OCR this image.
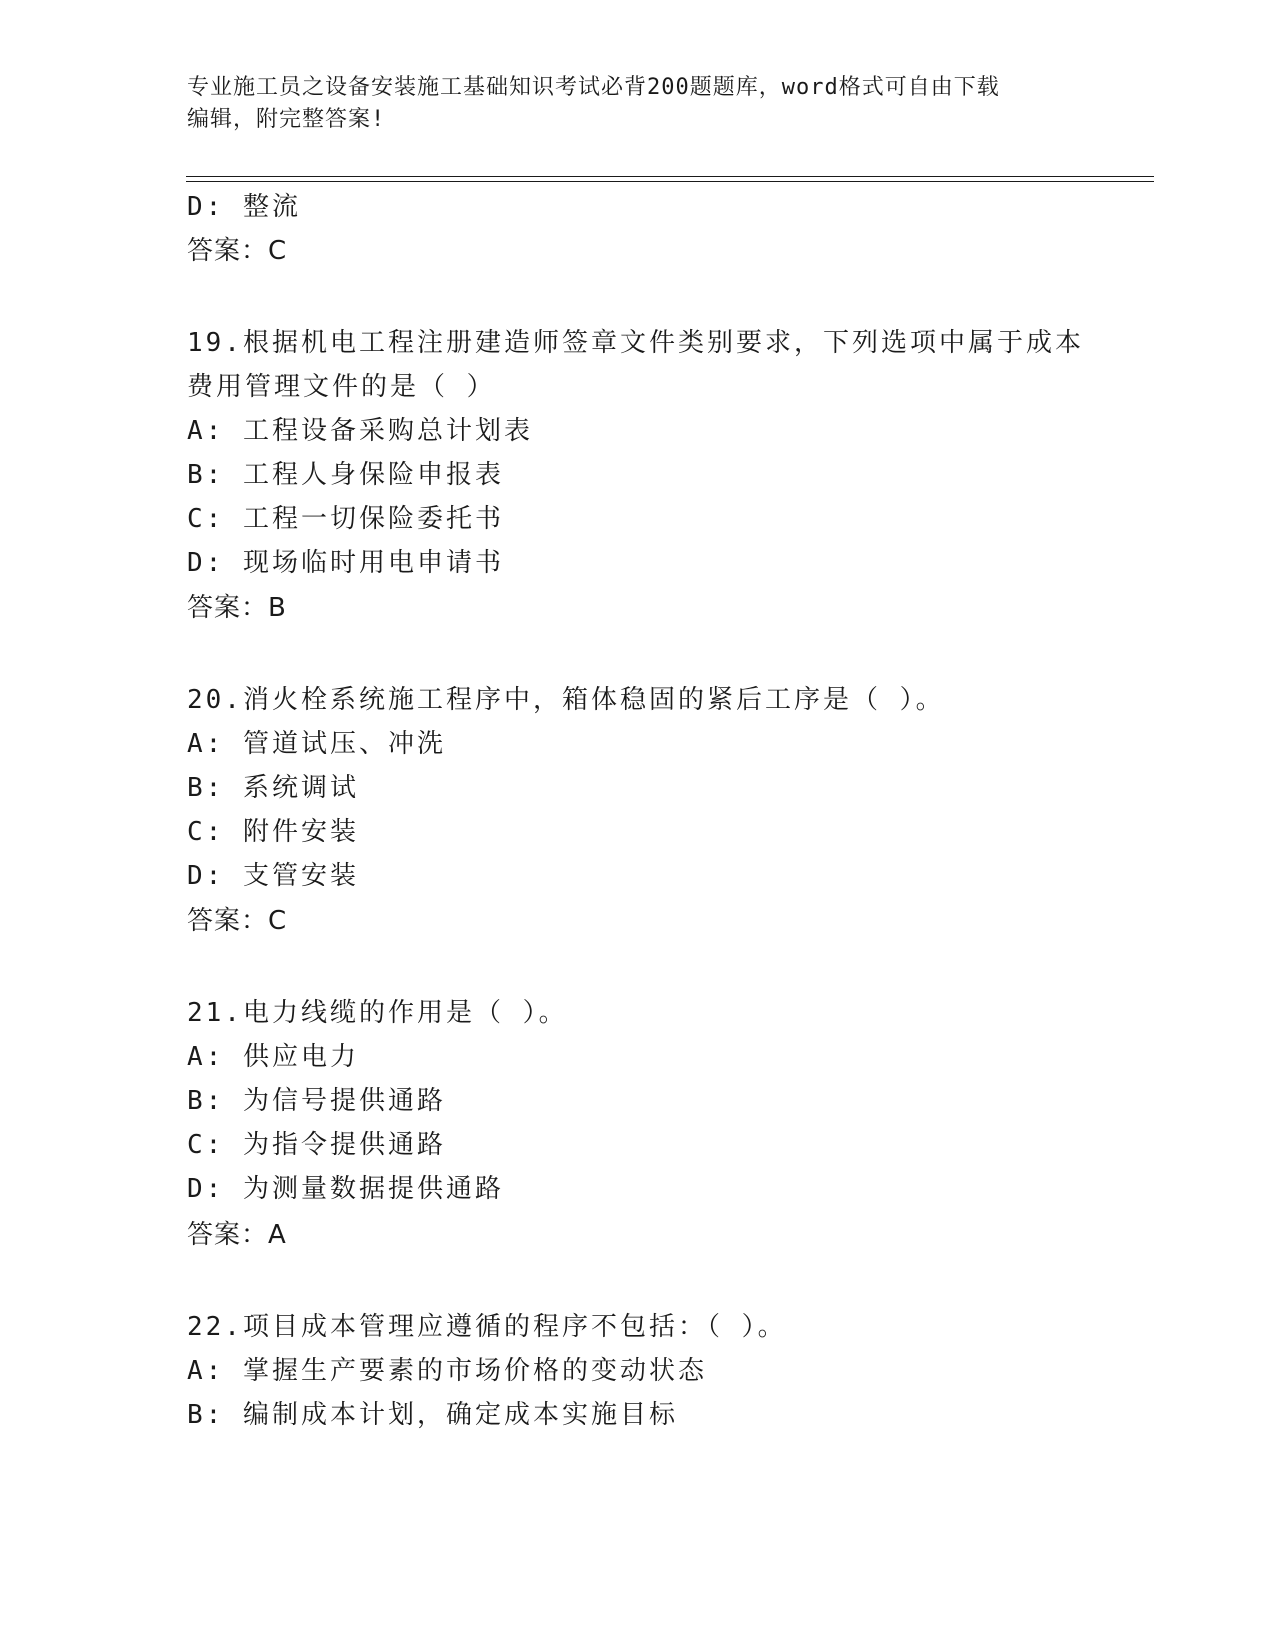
专业施工员之设备安装施工基础知识考试必背200题题库，word格式可自由下载
编辑，附完整答案!
D: 整流
答案：C
19.根据机电工程注册建造师签章文件类别要求，下列选项中属于成本
费用管理文件的是（ ）
A: 工程设备采购总计划表
B: 工程人身保险申报表
C: 工程一切保险委托书
D: 现场临时用电申请书
答案：B
20.消火栓系统施工程序中，箱体稳固的紧后工序是（ ）。
A: 管道试压、冲洗
B: 系统调试
C: 附件安装
D: 支管安装
答案：C
21.电力线缆的作用是（ ）。
A: 供应电力
B: 为信号提供通路
C: 为指令提供通路
D: 为测量数据提供通路
答案：A
22.项目成本管理应遵循的程序不包括：（ ）。
A: 掌握生产要素的市场价格的变动状态
B: 编制成本计划，确定成本实施目标
